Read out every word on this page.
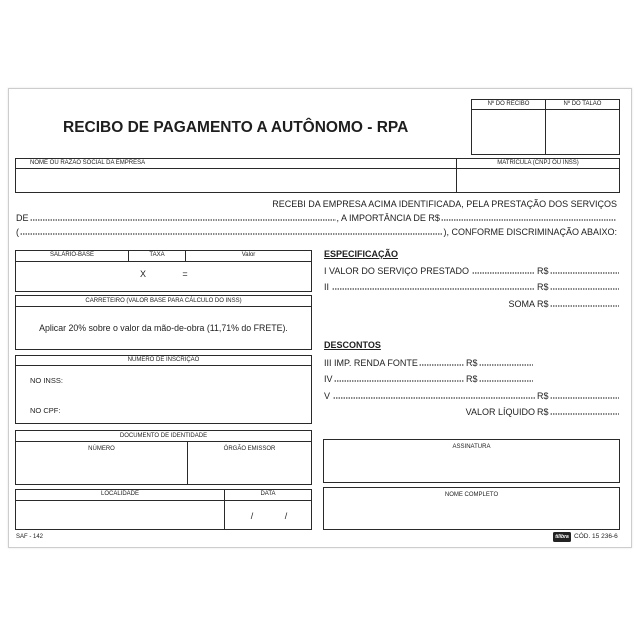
RECIBO DE PAGAMENTO A AUTÔNOMO - RPA
Nº DO RECIBO	Nº DO TALÃO
NOME OU RAZÃO SOCIAL DA EMPRESA	MATRÍCULA (CNPJ OU INSS)
RECEBI DA EMPRESA ACIMA IDENTIFICADA, PELA PRESTAÇÃO DOS SERVIÇOS
DE	, A IMPORTÂNCIA DE R$
(	), CONFORME DISCRIMINAÇÃO ABAIXO:
SALÁRIO-BASE	TAXA	Valor
X	=
CARRETEIRO (VALOR BASE PARA CÁLCULO DO INSS)
Aplicar 20% sobre o valor da mão-de-obra (11,71% do FRETE).
NÚMERO DE INSCRIÇÃO
NO INSS:
NO CPF:
DOCUMENTO DE IDENTIDADE
NÚMERO	ÓRGÃO EMISSOR
LOCALIDADE	DATA
/	/
ESPECIFICAÇÃO
I VALOR DO SERVIÇO PRESTADO	R$
II	R$
SOMA R$
DESCONTOS
III IMP. RENDA FONTE	R$
IV	R$
V	R$
VALOR LÍQUIDO R$
ASSINATURA
NOME COMPLETO
SAF - 142	tilibra CÓD. 15 236-6
